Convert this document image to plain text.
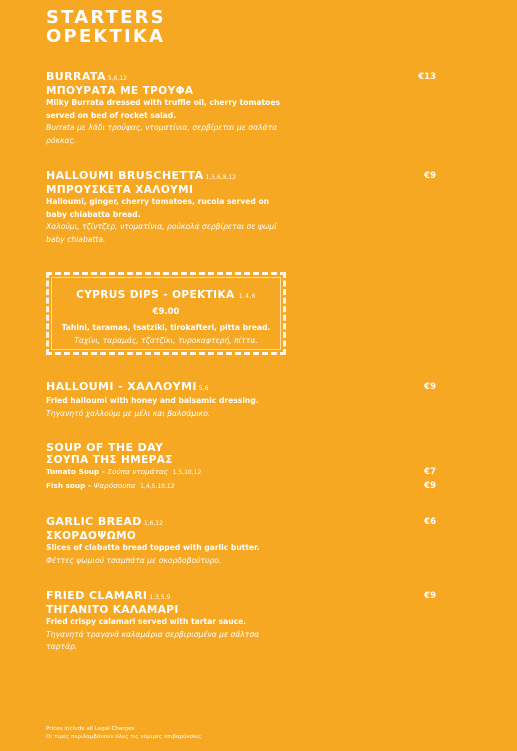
STARTERS
ΟΡΕΚΤΙΚΑ
BURRATA 5,6,12
ΜΠΟΥΡΑΤΑ ΜΕ ΤΡΟΥΦΑ
€13

Milky Burrata dressed with truffle oil, cherry tomatoes served on bed of rocket salad.

Burrata με λάδι τρούφας, ντοματίνια, σερβίρεται με σαλάτα ρόκκας.

HALLOUMI BRUSCHETTA 1,5,6,8,12
ΜΠΡΟΥΣΚΕΤΑ ΧΑΛΟΥΜΙ
€9

Halloumi, ginger, cherry tomatoes, rucola served on baby chiabatta bread.

Χαλούμι, τζίντζερ, ντοματίνια, ρούκολα σερβίρεται σε ψωμί baby chiabatta.

CYPRUS DIPS - ΟΡΕΚΤΙΚΑ 1,4,6
€9.00
Tahini, taramas, tsatziki, tirokafteri, pitta bread.
Ταχίνι, ταραμάς, τζατζίκι, τυροκαφτερή, πίττα.
HALLOUMI - ΧΑΛΛΟΥΜΙ 5,6	€9

Fried halloumi with honey and balsamic dressing.

Τηγανητό χαλλούμι με μέλι και βαλσάμικο.

SOUP OF THE DAY
ΣΟΥΠΑ ΤΗΣ ΗΜΕΡΑΣ
Tomato Soup - Σούπα ντομάτας 1,5,10,12	€7
Fish soup - Ψαρόσουπα 1,4,5,10,12	€9
GARLIC BREAD 1,6,12
ΣΚΟΡΔΟΨΩΜΟ
€6

Slices of ciabatta bread topped with garlic butter.

Φέττες ψωμιού τσαμπάτα με σκορδοβούτυρο.

FRIED CLAMARI 1,3,5,9
ΤΗΓΑΝΙΤΟ ΚΑΛΑΜΑΡΙ
€9

Fried crispy calamari served with tartar sauce.

Τηγανητά τραγανά καλαμάρια σερβιρισμένα με σάλτσα ταρτάρ.

Prices include all Legal Charges
Οι τιμές περιλαμβάνουν όλες τις νόμιμες επιβαρύνσεις
